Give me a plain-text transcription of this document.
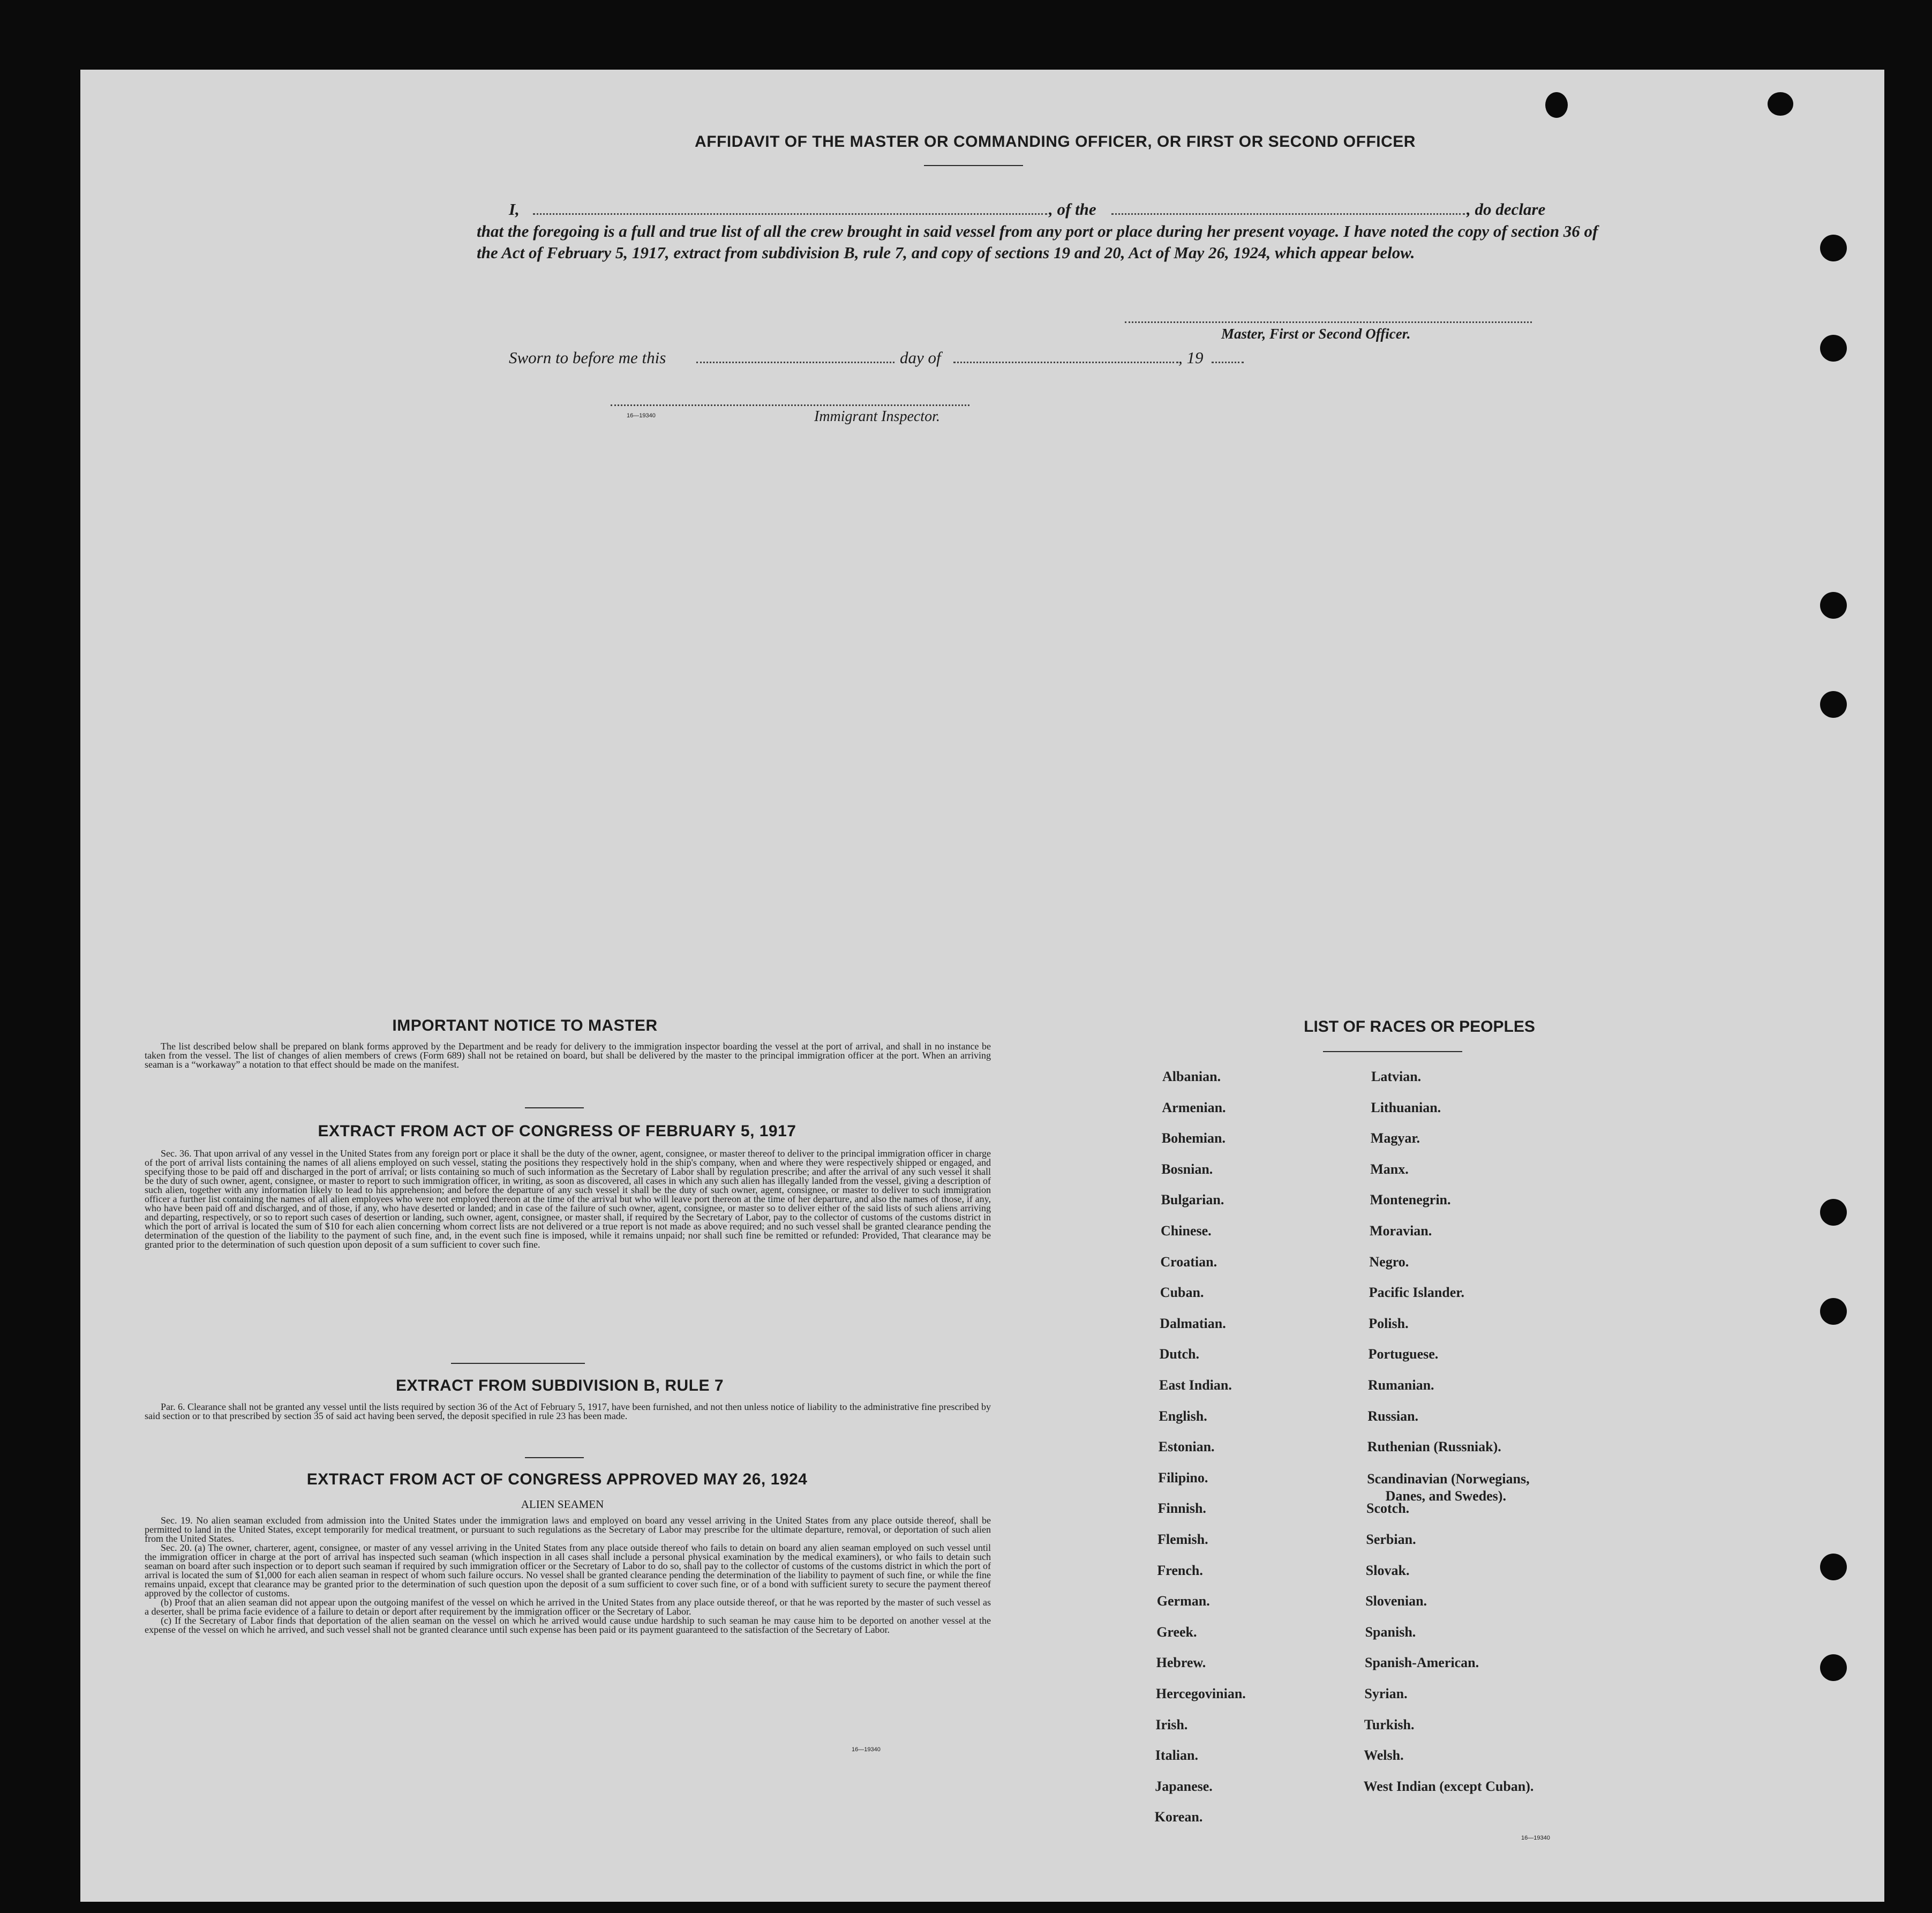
AFFIDAVIT OF THE MASTER OR COMMANDING OFFICER, OR FIRST OR SECOND OFFICER
I,	, of the	, do declare
that the foregoing is a full and true list of all the crew brought in said vessel from any port or place during her present voyage. I have noted the copy of section 36 of the Act of February 5, 1917, extract from subdivision B, rule 7, and copy of sections 19 and 20, Act of May 26, 1924, which appear below.
Master, First or Second Officer.
Sworn to before me this	day of	, 19
16—19340	Immigrant Inspector.
IMPORTANT NOTICE TO MASTER
The list described below shall be prepared on blank forms approved by the Department and be ready for delivery to the immigration inspector boarding the vessel at the port of arrival, and shall in no instance be taken from the vessel. The list of changes of alien members of crews (Form 689) shall not be retained on board, but shall be delivered by the master to the principal immigration officer at the port. When an arriving seaman is a “workaway” a notation to that effect should be made on the manifest.
EXTRACT FROM ACT OF CONGRESS OF FEBRUARY 5, 1917
Sec. 36. That upon arrival of any vessel in the United States from any foreign port or place it shall be the duty of the owner, agent, consignee, or master thereof to deliver to the principal immigration officer in charge of the port of arrival lists containing the names of all aliens employed on such vessel, stating the positions they respectively hold in the ship's company, when and where they were respectively shipped or engaged, and specifying those to be paid off and discharged in the port of arrival; or lists containing so much of such information as the Secretary of Labor shall by regulation prescribe; and after the arrival of any such vessel it shall be the duty of such owner, agent, consignee, or master to report to such immigration officer, in writing, as soon as discovered, all cases in which any such alien has illegally landed from the vessel, giving a description of such alien, together with any information likely to lead to his apprehension; and before the departure of any such vessel it shall be the duty of such owner, agent, consignee, or master to deliver to such immigration officer a further list containing the names of all alien employees who were not employed thereon at the time of the arrival but who will leave port thereon at the time of her departure, and also the names of those, if any, who have been paid off and discharged, and of those, if any, who have deserted or landed; and in case of the failure of such owner, agent, consignee, or master so to deliver either of the said lists of such aliens arriving and departing, respectively, or so to report such cases of desertion or landing, such owner, agent, consignee, or master shall, if required by the Secretary of Labor, pay to the collector of customs of the customs district in which the port of arrival is located the sum of $10 for each alien concerning whom correct lists are not delivered or a true report is not made as above required; and no such vessel shall be granted clearance pending the determination of the question of the liability to the payment of such fine, and, in the event such fine is imposed, while it remains unpaid; nor shall such fine be remitted or refunded: Provided, That clearance may be granted prior to the determination of such question upon deposit of a sum sufficient to cover such fine.
EXTRACT FROM SUBDIVISION B, RULE 7
Par. 6. Clearance shall not be granted any vessel until the lists required by section 36 of the Act of February 5, 1917, have been furnished, and not then unless notice of liability to the administrative fine prescribed by said section or to that prescribed by section 35 of said act having been served, the deposit specified in rule 23 has been made.
EXTRACT FROM ACT OF CONGRESS APPROVED MAY 26, 1924
ALIEN SEAMEN
Sec. 19. No alien seaman excluded from admission into the United States under the immigration laws and employed on board any vessel arriving in the United States from any place outside thereof, shall be permitted to land in the United States, except temporarily for medical treatment, or pursuant to such regulations as the Secretary of Labor may prescribe for the ultimate departure, removal, or deportation of such alien from the United States.
Sec. 20. (a) The owner, charterer, agent, consignee, or master of any vessel arriving in the United States from any place outside thereof who fails to detain on board any alien seaman employed on such vessel until the immigration officer in charge at the port of arrival has inspected such seaman (which inspection in all cases shall include a personal physical examination by the medical examiners), or who fails to detain such seaman on board after such inspection or to deport such seaman if required by such immigration officer or the Secretary of Labor to do so, shall pay to the collector of customs of the customs district in which the port of arrival is located the sum of $1,000 for each alien seaman in respect of whom such failure occurs. No vessel shall be granted clearance pending the determination of the liability to payment of such fine, or while the fine remains unpaid, except that clearance may be granted prior to the determination of such question upon the deposit of a sum sufficient to cover such fine, or of a bond with sufficient surety to secure the payment thereof approved by the collector of customs.
(b) Proof that an alien seaman did not appear upon the outgoing manifest of the vessel on which he arrived in the United States from any place outside thereof, or that he was reported by the master of such vessel as a deserter, shall be prima facie evidence of a failure to detain or deport after requirement by the immigration officer or the Secretary of Labor.
(c) If the Secretary of Labor finds that deportation of the alien seaman on the vessel on which he arrived would cause undue hardship to such seaman he may cause him to be deported on another vessel at the expense of the vessel on which he arrived, and such vessel shall not be granted clearance until such expense has been paid or its payment guaranteed to the satisfaction of the Secretary of Labor.
16—19340
LIST OF RACES OR PEOPLES
16—19340
Albanian.
Armenian.
Bohemian.
Bosnian.
Bulgarian.
Chinese.
Croatian.
Cuban.
Dalmatian.
Dutch.
East Indian.
English.
Estonian.
Filipino.
Finnish.
Flemish.
French.
German.
Greek.
Hebrew.
Hercegovinian.
Irish.
Italian.
Japanese.
Korean.
Latvian.
Lithuanian.
Magyar.
Manx.
Montenegrin.
Moravian.
Negro.
Pacific Islander.
Polish.
Portuguese.
Rumanian.
Russian.
Ruthenian (Russniak).
Scandinavian (Norwegians,
Danes, and Swedes).
Scotch.
Serbian.
Slovak.
Slovenian.
Spanish.
Spanish-American.
Syrian.
Turkish.
Welsh.
West Indian (except Cuban).
